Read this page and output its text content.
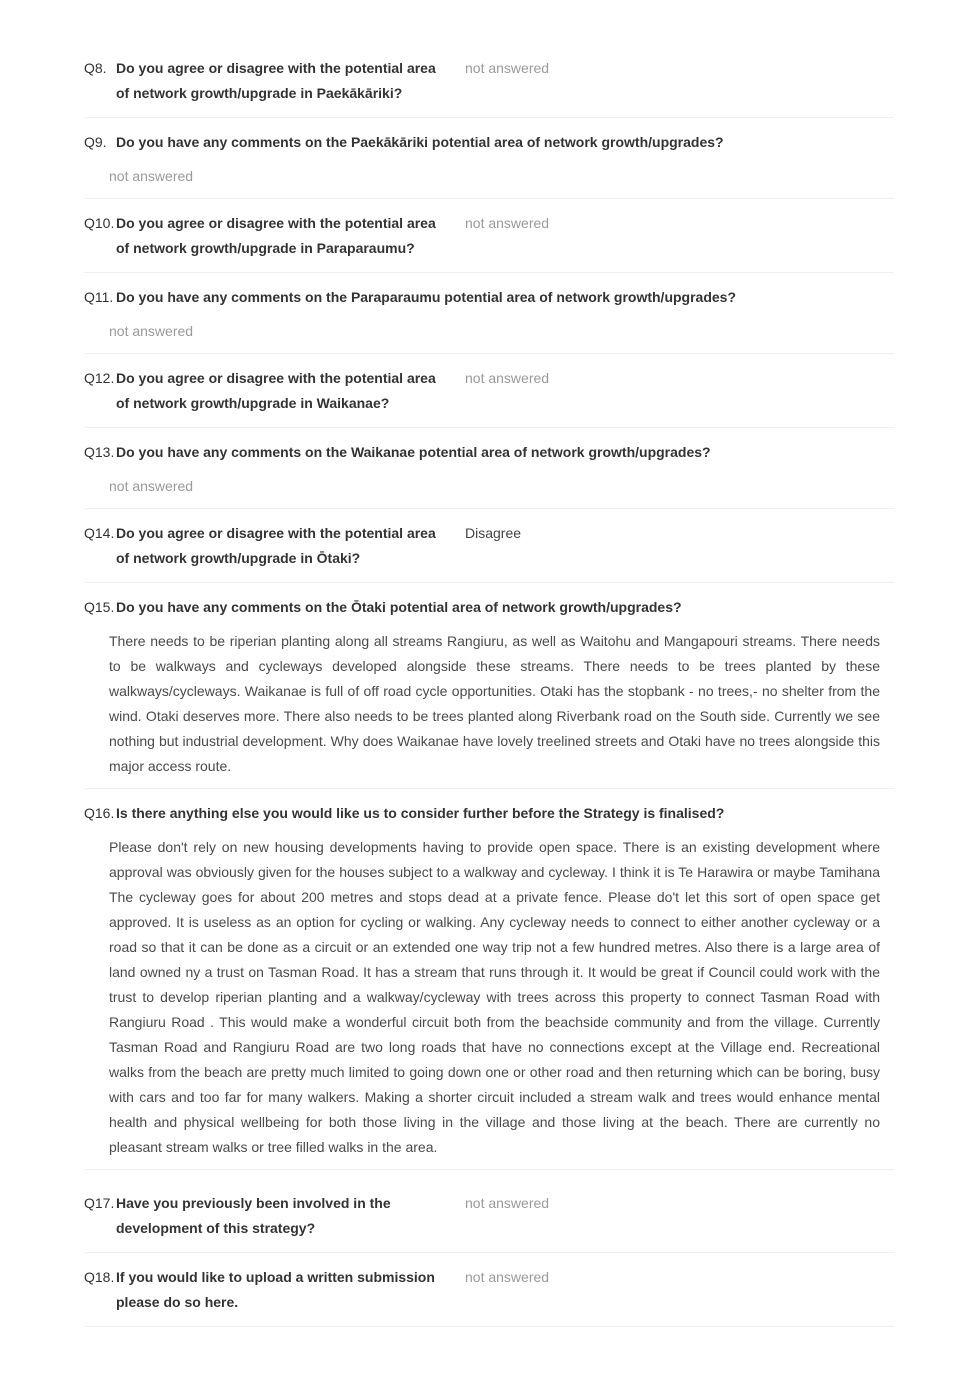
Q8. Do you agree or disagree with the potential area of network growth/upgrade in Paekākāriki?
not answered
Q9. Do you have any comments on the Paekākāriki potential area of network growth/upgrades?
not answered
Q10. Do you agree or disagree with the potential area of network growth/upgrade in Paraparaumu?
not answered
Q11. Do you have any comments on the Paraparaumu potential area of network growth/upgrades?
not answered
Q12. Do you agree or disagree with the potential area of network growth/upgrade in Waikanae?
not answered
Q13. Do you have any comments on the Waikanae potential area of network growth/upgrades?
not answered
Q14. Do you agree or disagree with the potential area of network growth/upgrade in Ōtaki?
Disagree
Q15. Do you have any comments on the Ōtaki potential area of network growth/upgrades?
There needs to be riperian planting along all streams Rangiuru, as well as Waitohu and Mangapouri streams. There needs to be walkways and cycleways developed alongside these streams. There needs to be trees planted by these walkways/cycleways. Waikanae is full of off road cycle opportunities. Otaki has the stopbank - no trees,- no shelter from the wind. Otaki deserves more. There also needs to be trees planted along Riverbank road on the South side. Currently we see nothing but industrial development. Why does Waikanae have lovely treelined streets and Otaki have no trees alongside this major access route.
Q16. Is there anything else you would like us to consider further before the Strategy is finalised?
Please don't rely on new housing developments having to provide open space. There is an existing development where approval was obviously given for the houses subject to a walkway and cycleway. I think it is Te Harawira or maybe Tamihana The cycleway goes for about 200 metres and stops dead at a private fence. Please do't let this sort of open space get approved. It is useless as an option for cycling or walking. Any cycleway needs to connect to either another cycleway or a road so that it can be done as a circuit or an extended one way trip not a few hundred metres. Also there is a large area of land owned ny a trust on Tasman Road. It has a stream that runs through it. It would be great if Council could work with the trust to develop riperian planting and a walkway/cycleway with trees across this property to connect Tasman Road with Rangiuru Road . This would make a wonderful circuit both from the beachside community and from the village. Currently Tasman Road and Rangiuru Road are two long roads that have no connections except at the Village end. Recreational walks from the beach are pretty much limited to going down one or other road and then returning which can be boring, busy with cars and too far for many walkers. Making a shorter circuit included a stream walk and trees would enhance mental health and physical wellbeing for both those living in the village and those living at the beach. There are currently no pleasant stream walks or tree filled walks in the area.
Q17. Have you previously been involved in the development of this strategy?
not answered
Q18. If you would like to upload a written submission please do so here.
not answered
